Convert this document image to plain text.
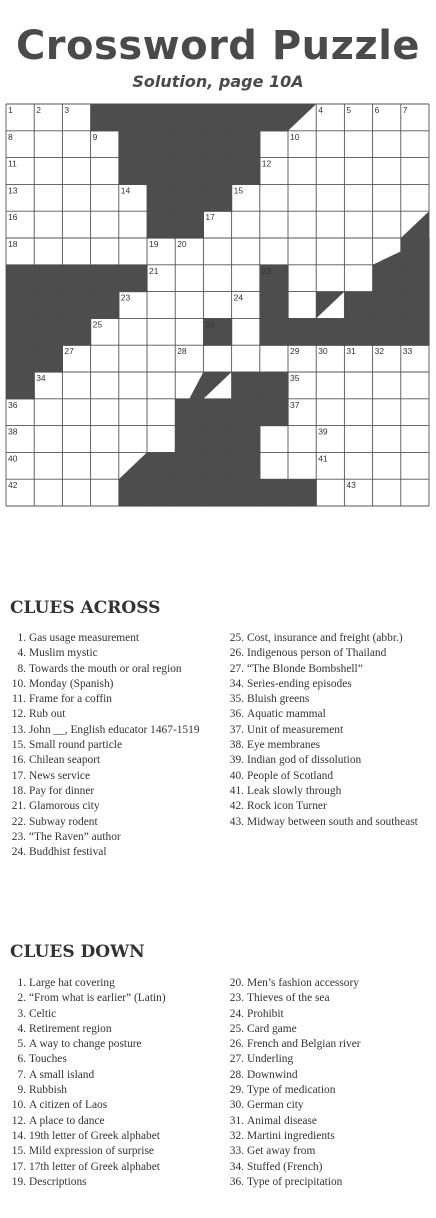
Crossword Puzzle
Solution, page 10A
1	2	3	4	5	6	7
8	9	10
11	12
13	14	15
16	17
18	19 20
21	22
23	24
25	26
27	28	29 30 31 32 33
34	35
36	37
38	39
40	41
42	43
CLUES ACROSS
1. Gas usage measurement
4. Muslim mystic
8. Towards the mouth or oral region
10. Monday (Spanish)
11. Frame for a coffin
12. Rub out
13. John __, English educator 1467-1519
15. Small round particle
16. Chilean seaport
17. News service
18. Pay for dinner
21. Glamorous city
22. Subway rodent
23. “The Raven” author
24. Buddhist festival
25. Cost, insurance and freight (abbr.)
26. Indigenous person of Thailand
27. “The Blonde Bombshell”
34. Series-ending episodes
35. Bluish greens
36. Aquatic mammal
37. Unit of measurement
38. Eye membranes
39. Indian god of dissolution
40. People of Scotland
41. Leak slowly through
42. Rock icon Turner
43. Midway between south and southeast
CLUES DOWN
1. Large hat covering
2. “From what is earlier” (Latin)
3. Celtic
4. Retirement region
5. A way to change posture
6. Touches
7. A small island
9. Rubbish
10. A citizen of Laos
12. A place to dance
14. 19th letter of Greek alphabet
15. Mild expression of surprise
17. 17th letter of Greek alphabet
19. Descriptions
20. Men’s fashion accessory
23. Thieves of the sea
24. Prohibit
25. Card game
26. French and Belgian river
27. Underling
28. Downwind
29. Type of medication
30. German city
31. Animal disease
32. Martini ingredients
33. Get away from
34. Stuffed (French)
36. Type of precipitation
